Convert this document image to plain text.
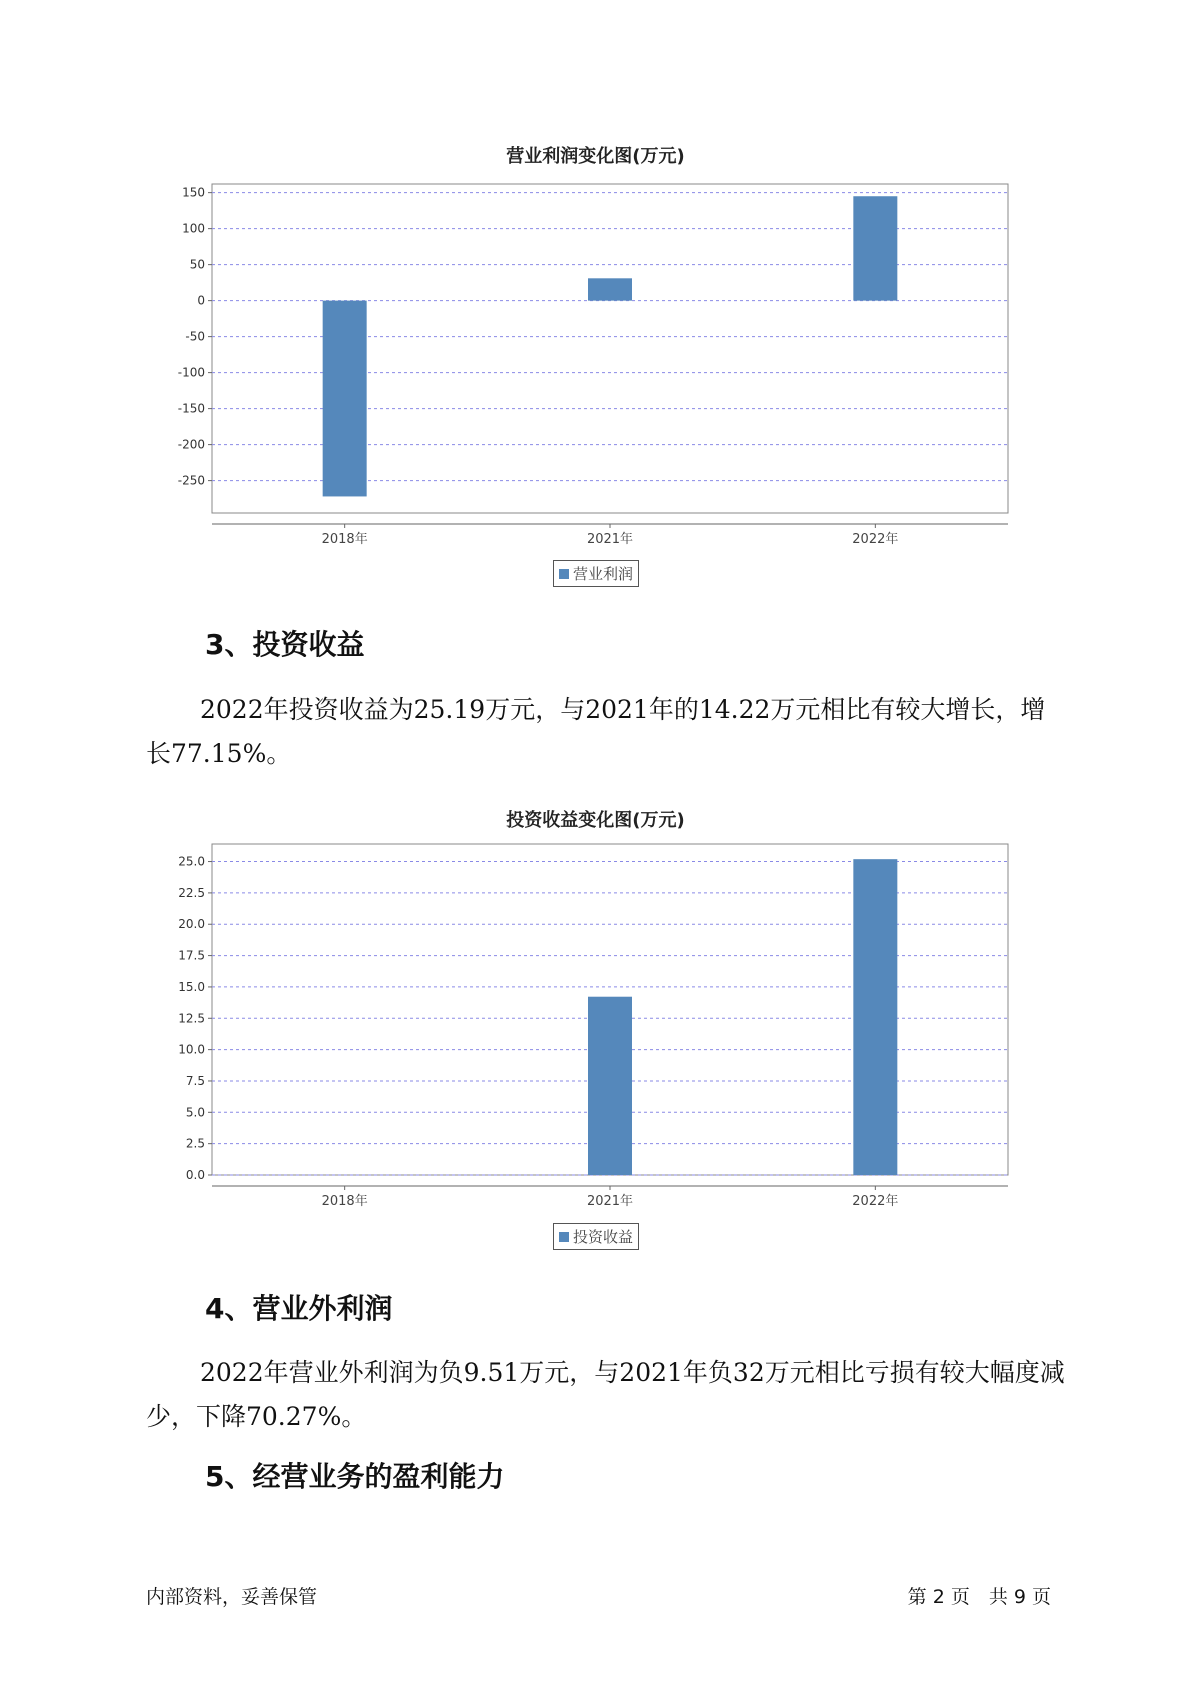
营业利润变化图(万元)
150
100
50
0
-50
-100
-150
-200
-250
2018年	2021年	2022年
营业利润
3、投资收益

2022年投资收益为25.19万元，与2021年的14.22万元相比有较大增长，增长77.15%。

投资收益变化图(万元)
25.0
22.5
20.0
17.5
15.0
12.5
10.0
7.5
5.0
2.5
0.0
2018年	2021年	2022年
投资收益
4、营业外利润

2022年营业外利润为负9.51万元，与2021年负32万元相比亏损有较大幅度减少，下降70.27%。

5、经营业务的盈利能力
内部资料，妥善保管	第 2 页　共 9 页
